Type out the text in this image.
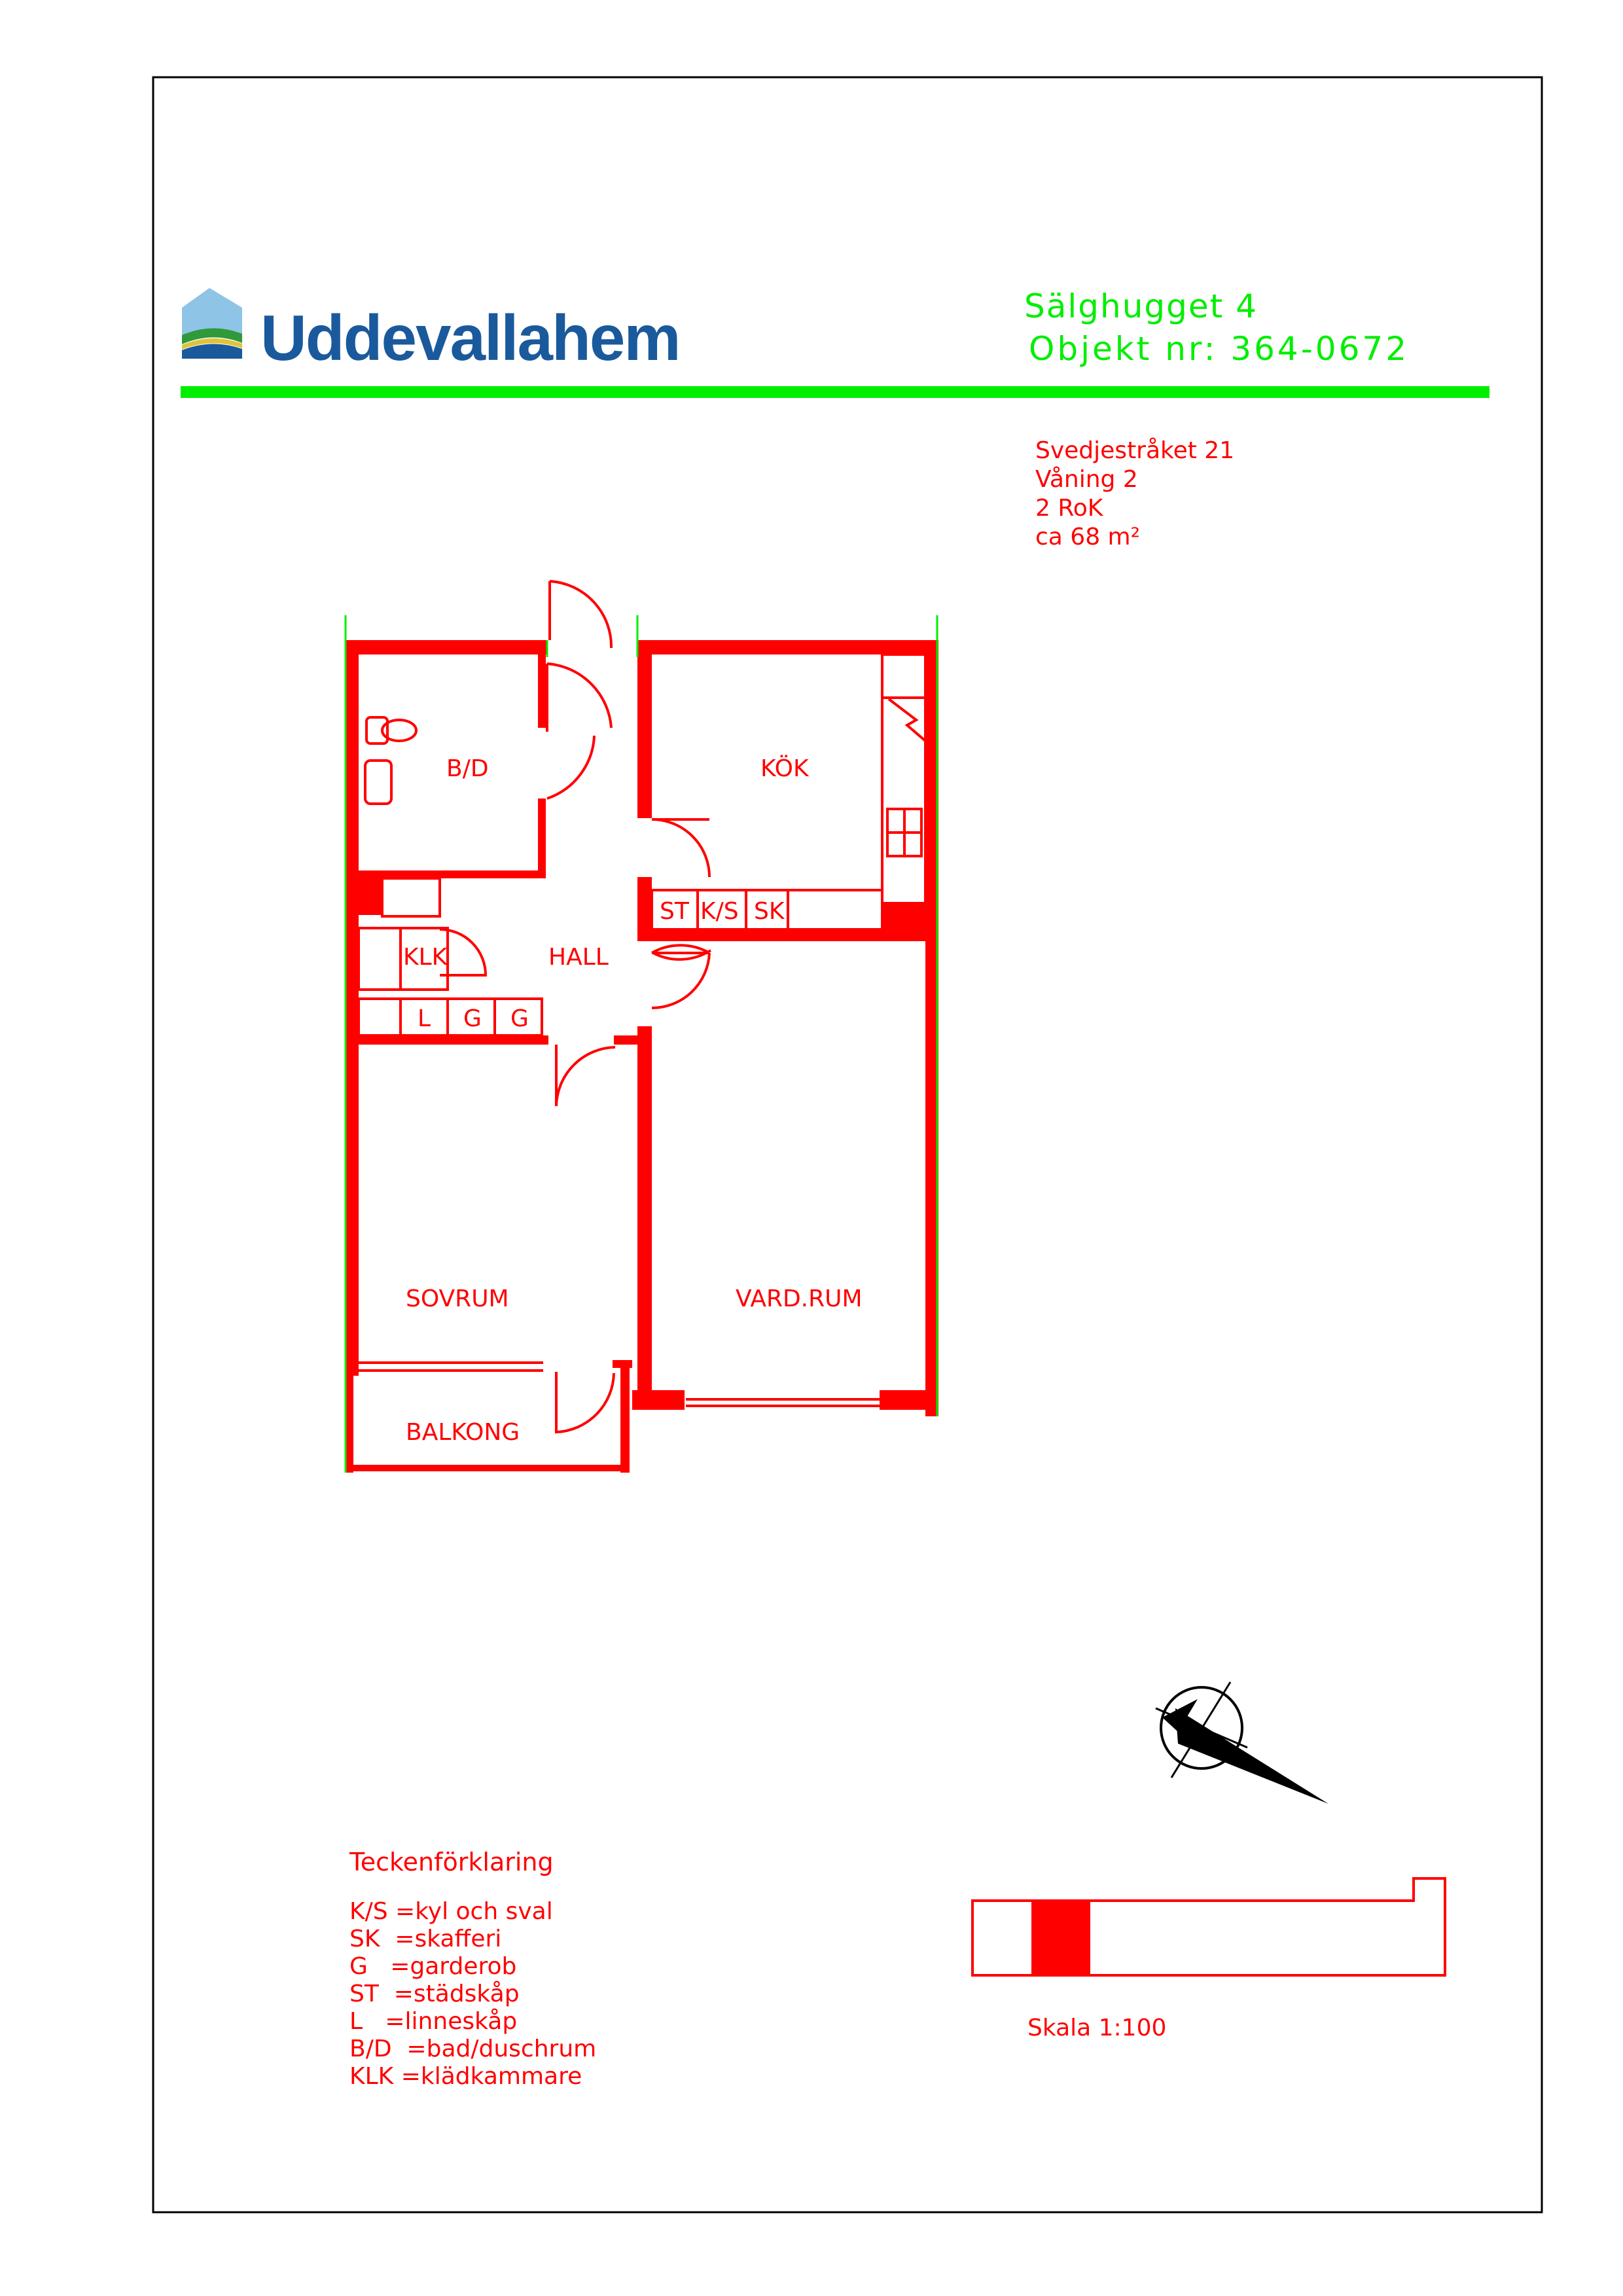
Uddevallahem	Sälghugget 4
Objekt nr: 364-0672
Svedjestråket 21
Våning 2
2 RoK
ca 68 m²
B/D	KÖK
HALL
KLK
SOVRUM	VARD.RUM
BALKONG
ST K/S SK
L G G
Skala 1:100
Teckenförklaring
K/S =kyl och sval
SK  =skafferi
G   =garderob
ST  =städskåp
L   =linneskåp
B/D  =bad/duschrum
KLK =klädkammare
